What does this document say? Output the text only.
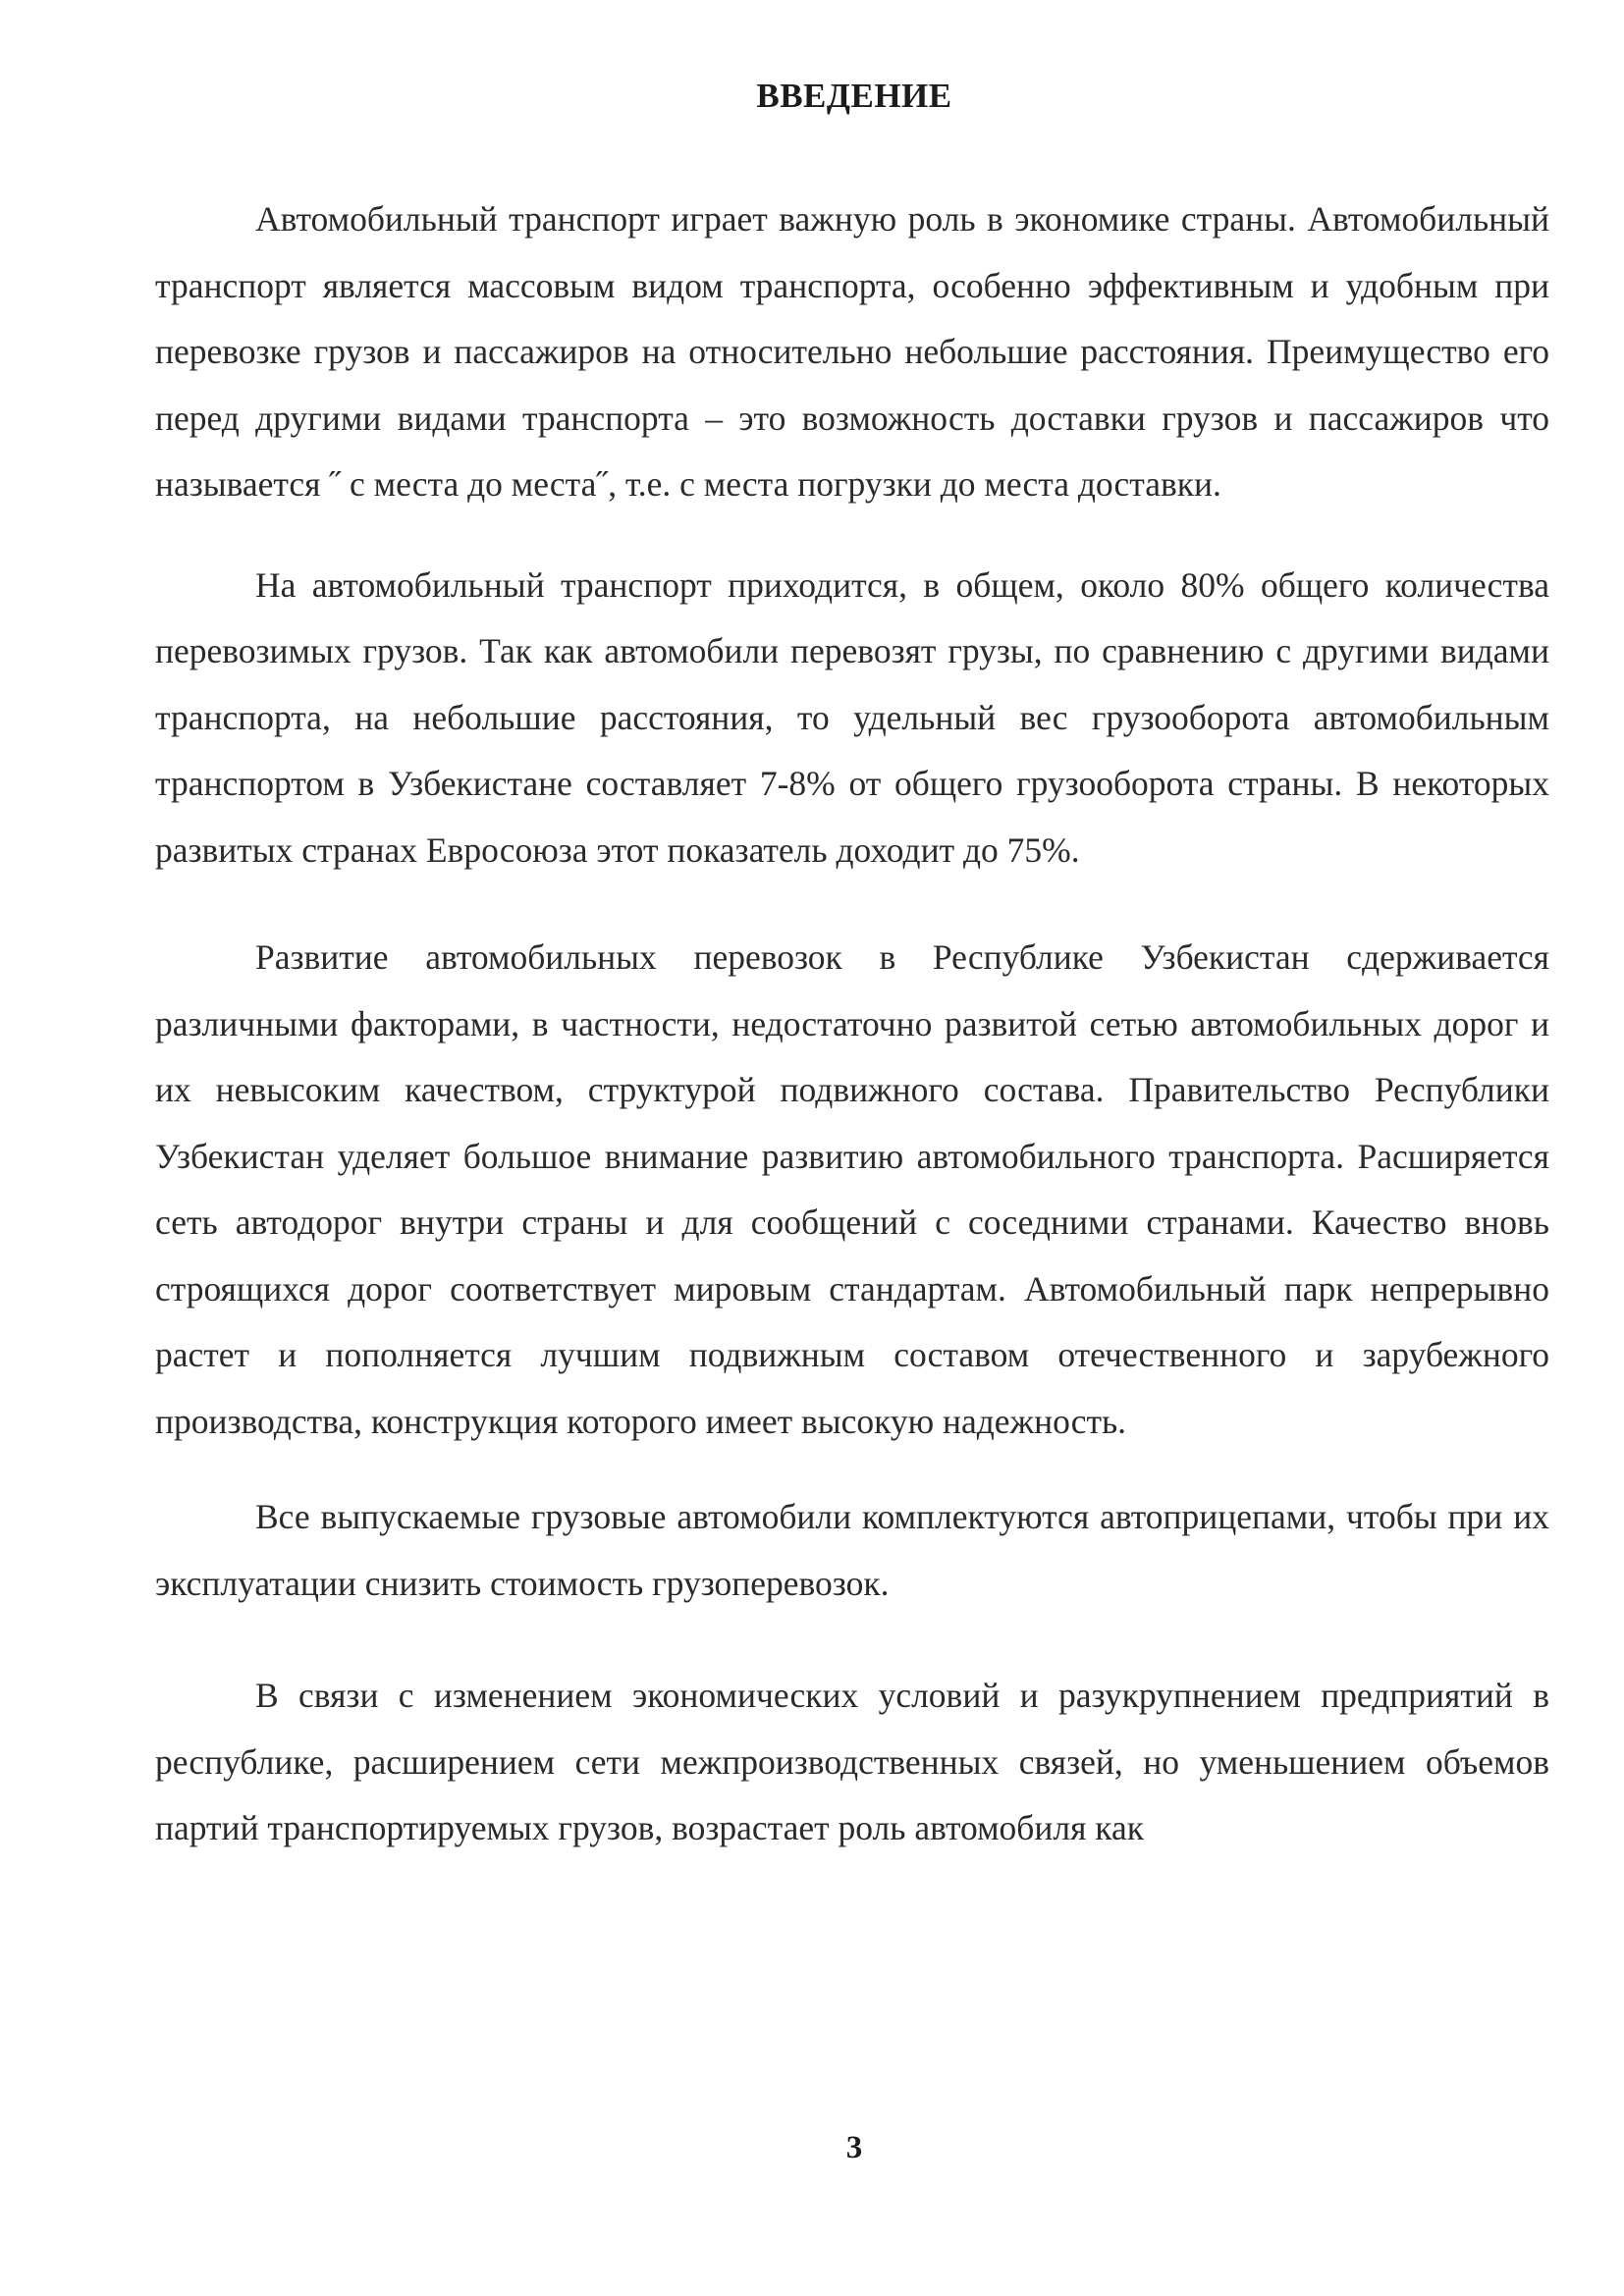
ВВЕДЕНИЕ

Автомобильный транспорт играет важную роль в экономике страны. Автомобильный транспорт является массовым видом транспорта, особенно эффективным и удобным при перевозке грузов и пассажиров на относительно небольшие расстояния. Преимущество его перед другими видами транспорта – это возможность доставки грузов и пассажиров что называется ˝ с места до места˝, т.е. с места погрузки до места доставки.

На автомобильный транспорт приходится, в общем, около 80% общего количества перевозимых грузов. Так как автомобили перевозят грузы, по сравнению с другими видами транспорта, на небольшие расстояния, то удельный вес грузооборота автомобильным транспортом в Узбекистане составляет 7-8% от общего грузооборота страны. В некоторых развитых странах Евросоюза этот показатель доходит до 75%.

Развитие автомобильных перевозок в Республике Узбекистан сдерживается различными факторами, в частности, недостаточно развитой сетью автомобильных дорог и их невысоким качеством, структурой подвижного состава. Правительство Республики Узбекистан уделяет большое внимание развитию автомобильного транспорта. Расширяется сеть автодорог внутри страны и для сообщений с соседними странами. Качество вновь строящихся дорог соответствует мировым стандартам. Автомобильный парк непрерывно растет и пополняется лучшим подвижным составом отечественного и зарубежного производства, конструкция которого имеет высокую надежность.

Все выпускаемые грузовые автомобили комплектуются автоприцепами, чтобы при их эксплуатации снизить стоимость грузоперевозок.

В связи с изменением экономических условий и разукрупнением предприятий в республике, расширением сети межпроизводственных связей, но уменьшением объемов партий транспортируемых грузов, возрастает роль автомобиля как

3
